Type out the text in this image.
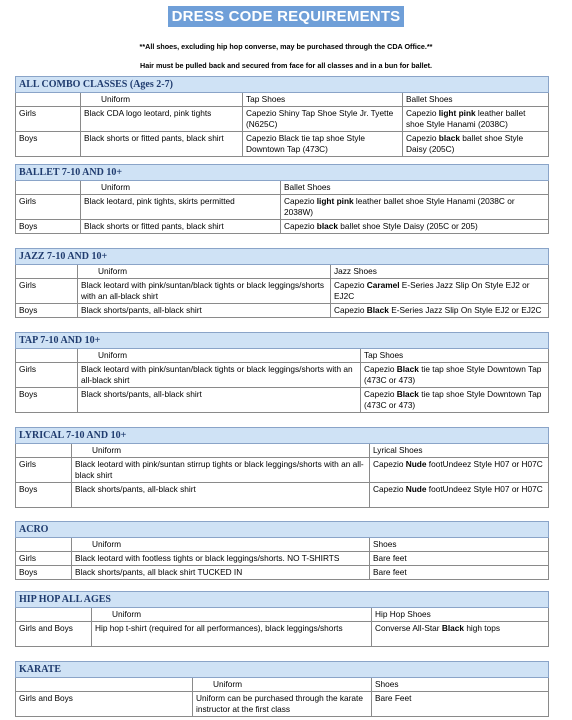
DRESS CODE REQUIREMENTS
**All shoes, excluding hip hop converse, may be purchased through the CDA Office.**
Hair must be pulled back and secured from face for all classes and in a bun for ballet.
ALL COMBO CLASSES (Ages 2-7)			
	Uniform	Tap Shoes	Ballet Shoes
Girls	Black CDA logo leotard, pink tights	Capezio Shiny Tap Shoe Style Jr. Tyette (N625C)	Capezio light pink leather ballet shoe Style Hanami (2038C)
Boys	Black shorts or fitted pants, black shirt	Capezio Black tie tap shoe Style Downtown Tap (473C)	Capezio black ballet shoe Style Daisy (205C)
BALLET 7-10 AND 10+		
	Uniform	Ballet Shoes
Girls	Black leotard, pink tights, skirts permitted	Capezio light pink leather ballet shoe Style Hanami (2038C or 2038W)
Boys	Black shorts or fitted pants, black shirt	Capezio black ballet shoe Style Daisy (205C or 205)
JAZZ 7-10 AND 10+		
	Uniform	Jazz Shoes
Girls	Black leotard with pink/suntan/black tights or black leggings/shorts with an all-black shirt	Capezio Caramel E-Series Jazz Slip On Style EJ2 or EJ2C
Boys	Black shorts/pants, all-black shirt	Capezio Black E-Series Jazz Slip On Style EJ2 or EJ2C
TAP 7-10 AND 10+		
	Uniform	Tap Shoes
Girls	Black leotard with pink/suntan/black tights or black leggings/shorts with an all-black shirt	Capezio Black tie tap shoe Style Downtown Tap (473C or 473)
Boys	Black shorts/pants, all-black shirt	Capezio Black tie tap shoe Style Downtown Tap (473C or 473)
LYRICAL 7-10 AND 10+		
	Uniform	Lyrical Shoes
Girls	Black leotard with pink/suntan stirrup tights or black leggings/shorts with an all-black shirt	Capezio Nude footUndeez Style H07 or H07C
Boys	Black shorts/pants, all-black shirt	Capezio Nude footUndeez Style H07 or H07C
ACRO		
	Uniform	Shoes
Girls	Black leotard with footless tights or black leggings/shorts. NO T-SHIRTS	Bare feet
Boys	Black shorts/pants, all black shirt TUCKED IN	Bare feet
HIP HOP ALL AGES		
	Uniform	Hip Hop Shoes
Girls and Boys	Hip hop t-shirt (required for all performances), black leggings/shorts	Converse All-Star Black high tops
KARATE		
	Uniform	Shoes
Girls and Boys	Uniform can be purchased through the karate instructor at the first class	Bare Feet
